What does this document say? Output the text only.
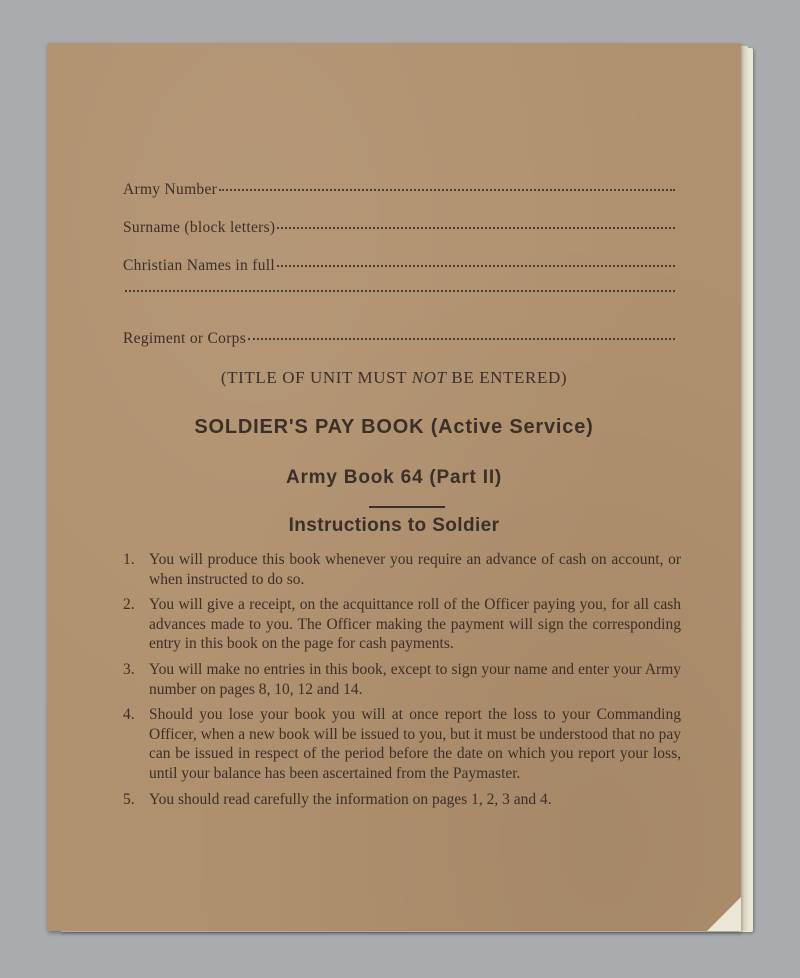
Army Number
Surname (block letters)
Christian Names in full
Regiment or Corps
(TITLE OF UNIT MUST NOT BE ENTERED)
SOLDIER'S PAY BOOK (Active Service)
Army Book 64 (Part II)
Instructions to Soldier
1. You will produce this book whenever you require an advance of cash on account, or when instructed to do so.
2. You will give a receipt, on the acquittance roll of the Officer paying you, for all cash advances made to you. The Officer making the payment will sign the corresponding entry in this book on the page for cash payments.
3. You will make no entries in this book, except to sign your name and enter your Army number on pages 8, 10, 12 and 14.
4. Should you lose your book you will at once report the loss to your Commanding Officer, when a new book will be issued to you, but it must be understood that no pay can be issued in respect of the period before the date on which you report your loss, until your balance has been ascertained from the Paymaster.
5. You should read carefully the information on pages 1, 2, 3 and 4.
